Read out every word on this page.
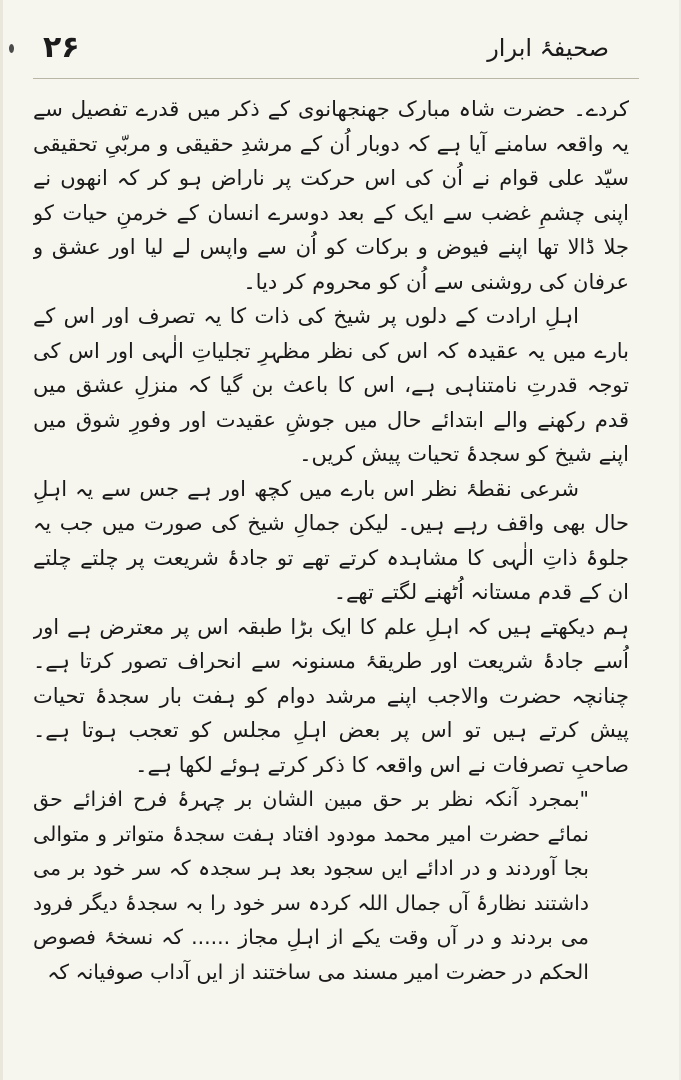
۲۶	صحیفۂ ابرار

کردے۔ حضرت شاہ مبارک جھنجھانوی کے ذکر میں قدرے تفصیل سے یہ واقعہ سامنے آیا ہے کہ دوبار اُن کے مرشدِ حقیقی و مربّیِ تحقیقی سیّد علی قوام نے اُن کی اس حرکت پر ناراض ہو کر کہ انھوں نے اپنی چشمِ غضب سے ایک کے بعد دوسرے انسان کے خرمنِ حیات کو جلا ڈالا تھا اپنے فیوض و برکات کو اُن سے واپس لے لیا اور عشق و عرفان کی روشنی سے اُن کو محروم کر دیا۔

اہلِ ارادت کے دلوں پر شیخ کی ذات کا یہ تصرف اور اس کے بارے میں یہ عقیدہ کہ اس کی نظر مظہرِ تجلیاتِ الٰہی اور اس کی توجہ قدرتِ نامتناہی ہے، اس کا باعث بن گیا کہ منزلِ عشق میں قدم رکھنے والے ابتدائے حال میں جوشِ عقیدت اور وفورِ شوق میں اپنے شیخ کو سجدۂ تحیات پیش کریں۔

شرعی نقطۂ نظر اس بارے میں کچھ اور ہے جس سے یہ اہلِ حال بھی واقف رہے ہیں۔ لیکن جمالِ شیخ کی صورت میں جب یہ جلوۂ ذاتِ الٰہی کا مشاہدہ کرتے تھے تو جادۂ شریعت پر چلتے چلتے ان کے قدم مستانہ اُٹھنے لگتے تھے۔

ہم دیکھتے ہیں کہ اہلِ علم کا ایک بڑا طبقہ اس پر معترض ہے اور اُسے جادۂ شریعت اور طریقۂ مسنونہ سے انحراف تصور کرتا ہے۔ چنانچہ حضرت والاجب اپنے مرشد دوام کو ہفت بار سجدۂ تحیات پیش کرتے ہیں تو اس پر بعض اہلِ مجلس کو تعجب ہوتا ہے۔ صاحبِ تصرفات نے اس واقعہ کا ذکر کرتے ہوئے لکھا ہے۔

"بمجرد آنکہ نظر بر حق مبین الشان بر چہرۂ فرح افزائے حق نمائے حضرت امیر محمد مودود افتاد ہفت سجدۂ متواتر و متوالی بجا آوردند و در ادائے ایں سجود بعد ہر سجدہ کہ سر خود بر می داشتند نظارۂ آں جمال اللہ کردہ سر خود را بہ سجدۂ دیگر فرود می بردند و در آں وقت یکے از اہلِ مجاز ...... کہ نسخۂ فصوص الحکم در حضرت امیر مسند می ساختند از ایں آداب صوفیانہ کہ
